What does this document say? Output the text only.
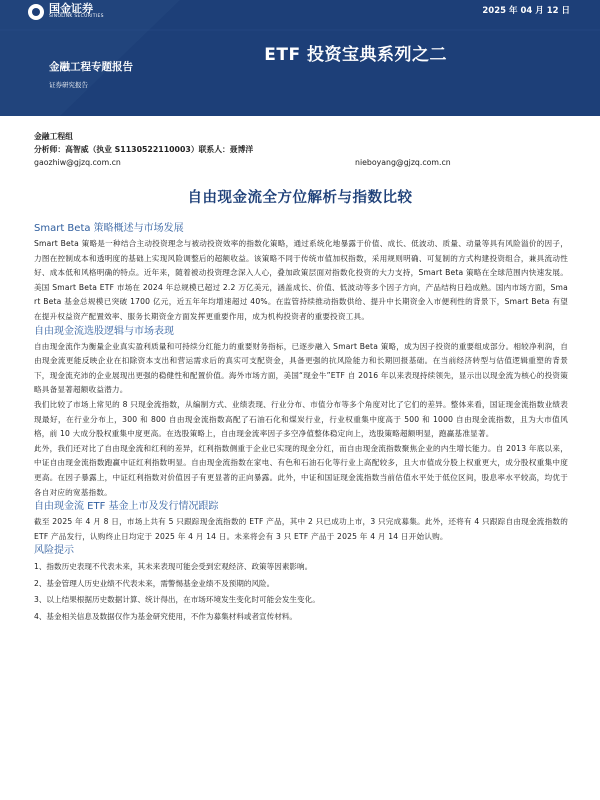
国金证券
SINOLINK SECURITIES
2025 年 04 月 12 日
ETF 投资宝典系列之二
金融工程专题报告
证券研究报告
金融工程组
分析师：高智威（执业 S1130522110003）联系人：聂博洋
gaozhiw@gjzq.com.cn	nieboyang@gjzq.com.cn
自由现金流全方位解析与指数比较
Smart Beta 策略概述与市场发展
Smart Beta 策略是一种结合主动投资理念与被动投资效率的指数化策略，通过系统化地暴露于价值、成长、低波动、质量、动量等具有风险溢价的因子，力图在控制成本和透明度的基础上实现风险调整后的超额收益。该策略不同于传统市值加权指数，采用规则明确、可复制的方式构建投资组合，兼具流动性好、成本低和风格明确的特点。近年来，随着被动投资理念深入人心，叠加政策层面对指数化投资的大力支持，Smart Beta 策略在全球范围内快速发展。美国 Smart Beta ETF 市场在 2024 年总规模已超过 2.2 万亿美元，涵盖成长、价值、低波动等多个因子方向，产品结构日趋成熟。国内市场方面，Smart Beta 基金总规模已突破 1700 亿元，近五年年均增速超过 40%。在监管持续推动指数供给、提升中长期资金入市便利性的背景下，Smart Beta 有望在提升权益资产配置效率、服务长期资金方面发挥更重要作用，成为机构投资者的重要投资工具。
自由现金流选股逻辑与市场表现
自由现金流作为衡量企业真实盈利质量和可持续分红能力的重要财务指标，已逐步融入 Smart Beta 策略，成为因子投资的重要组成部分。相较净利润，自由现金流更能反映企业在扣除资本支出和营运需求后的真实可支配资金，具备更强的抗风险能力和长期回报基础。在当前经济转型与估值逻辑重塑的背景下，现金流充沛的企业展现出更强的稳健性和配置价值。海外市场方面，美国“现金牛”ETF 自 2016 年以来表现持续领先，显示出以现金流为核心的投资策略具备显著超额收益潜力。
我们比较了市场上常见的 8 只现金流指数，从编制方式、业绩表现、行业分布、市值分布等多个角度对比了它们的差异。整体来看，国证现金流指数业绩表现最好，在行业分布上，300 和 800 自由现金流指数高配了石油石化和煤炭行业，行业权重集中度高于 500 和 1000 自由现金流指数，且为大市值风格，前 10 大成分股权重集中度更高。在选股策略上，自由现金流率因子多空净值整体稳定向上，选股策略超额明显，跑赢基准显著。
此外，我们还对比了自由现金流和红利的差异，红利指数侧重于企业已实现的现金分红，而自由现金流指数聚焦企业的内生增长能力。自 2013 年底以来，中证自由现金流指数跑赢中证红利指数明显。自由现金流指数在家电、有色和石油石化等行业上高配较多，且大市值成分股上权重更大，成分股权重集中度更高。在因子暴露上，中证红利指数对价值因子有更显著的正向暴露。此外，中证和国证现金流指数当前估值水平处于低位区间，股息率水平较高，均优于各自对应的宽基指数。
自由现金流 ETF 基金上市及发行情况跟踪
截至 2025 年 4 月 8 日，市场上共有 5 只跟踪现金流指数的 ETF 产品，其中 2 只已成功上市，3 只完成募集。此外，还将有 4 只跟踪自由现金流指数的 ETF 产品发行，认购终止日均定于 2025 年 4 月 14 日。未来将会有 3 只 ETF 产品于 2025 年 4 月 14 日开始认购。
风险提示
1、指数历史表现不代表未来，其未来表现可能会受到宏观经济、政策等因素影响。
2、基金管理人历史业绩不代表未来，需警惕基金业绩不及预期的风险。
3、以上结果根据历史数据计算、统计得出，在市场环境发生变化时可能会发生变化。
4、基金相关信息及数据仅作为基金研究使用，不作为募集材料或者宣传材料。
